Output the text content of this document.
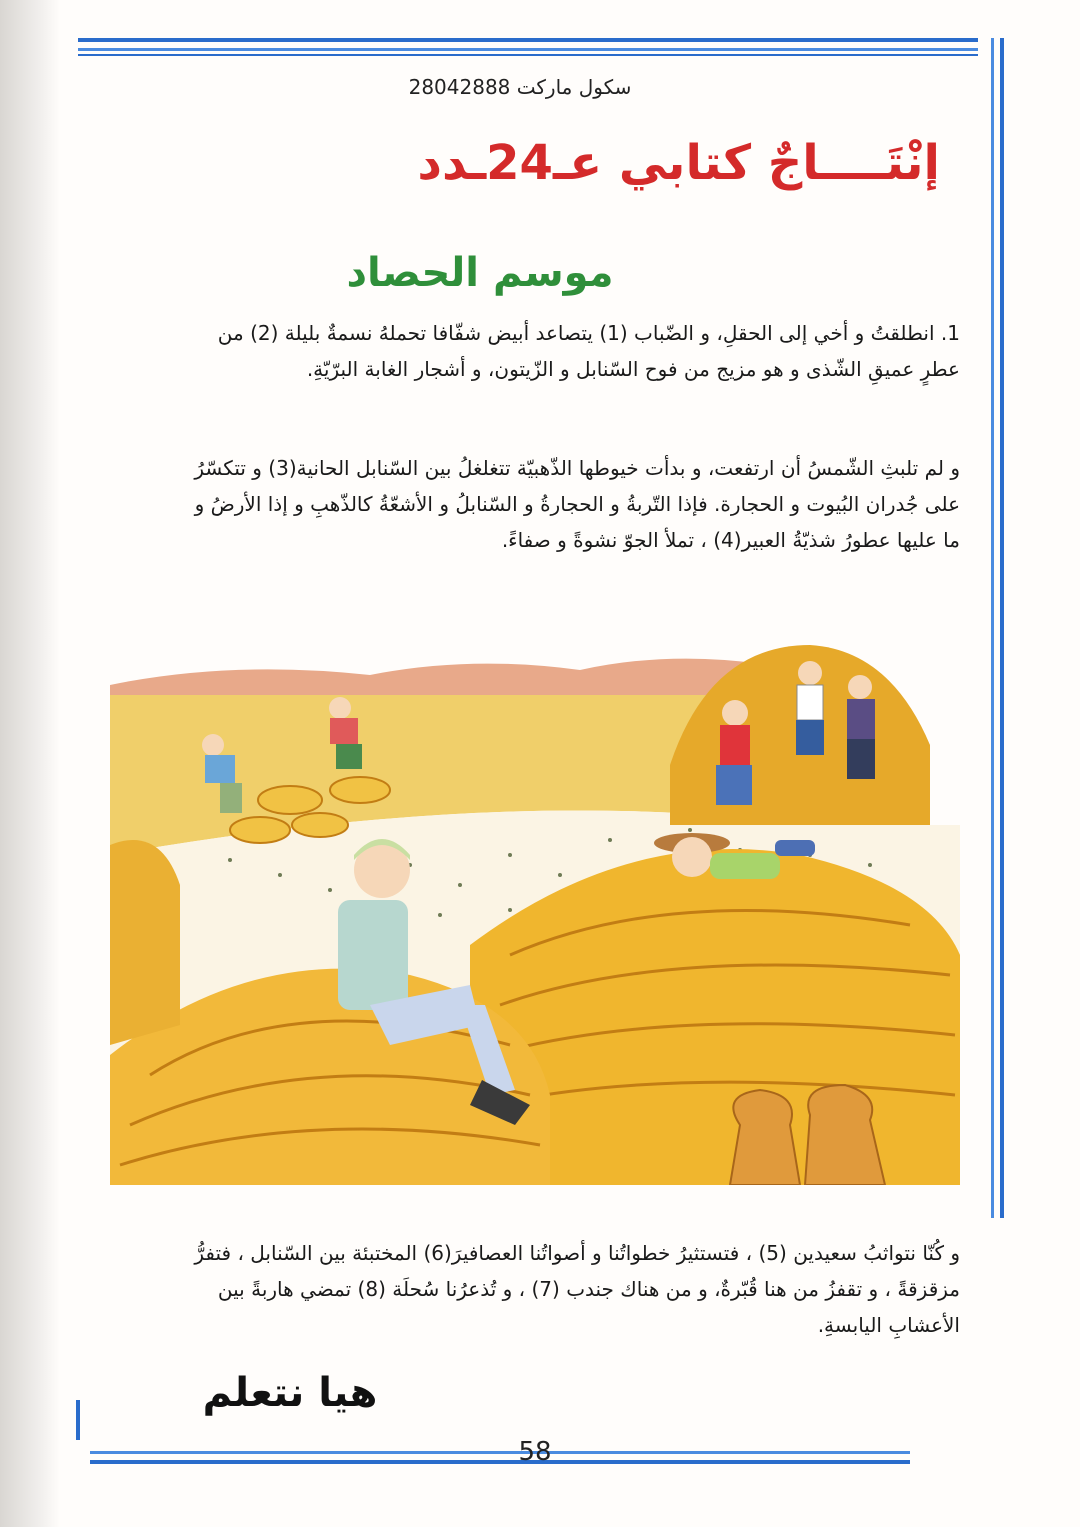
سكول ماركت 28042888
إنْتَــــاجٌ كتابي عـ24ـدد
موسم الحصاد
1. انطلقتُ و أخي إلى الحقلِ، و الضّباب (1) يتصاعد أبيض شفّافا تحملهُ نسمةٌ بليلة (2) من عطرٍ عميقِ الشّذى و هو مزيج من فوح السّنابل و الزّيتون، و أشجار الغابة البرّيّةِ.
و لم تلبثِ الشّمسُ أن ارتفعت، و بدأت خيوطها الذّهبيّة تتغلغلُ بين السّنابل الحانية(3) و تتكسّرُ على جُدران البُيوت و الحجارة. فإذا التّربةُ و الحجارةُ و السّنابلُ و الأشعّةُ كالذّهبِ و إذا الأرضُ و ما عليها عطورُ شذيّةُ العبير(4) ، تملأ الجوّ نشوةً و صفاءً.
و كُنّا نتواثبُ سعيدين (5) ، فتستثيرُ خطواتُنا و أصواتُنا العصافيرَ(6) المختبئة بين السّنابل ، فتفرُّ مزقزقةً ، و تقفزُ من هنا قُبّرةٌ، و من هناك جندب (7) ، و تُذعرُنا سُحلَة (8) تمضي هاربةً بين الأعشابِ اليابسةِ.
هيا نتعلم
58
